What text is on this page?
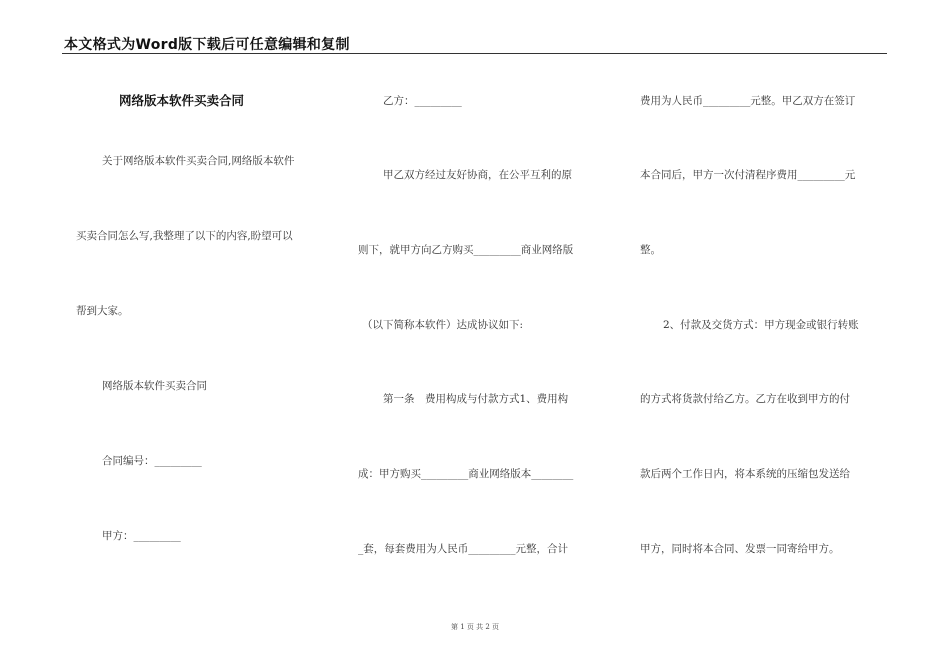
本文格式为Word版下载后可任意编辑和复制
网络版本软件买卖合同
关于网络版本软件买卖合同,网络版本软件
买卖合同怎么写,我整理了以下的内容,盼望可以
帮到大家。
网络版本软件买卖合同
合同编号：_________
甲方：_________
乙方：_________
甲乙双方经过友好协商，在公平互利的原
则下，就甲方向乙方购买_________商业网络版
（以下简称本软件）达成协议如下:
第一条　费用构成与付款方式1、费用构
成：甲方购买_________商业网络版本________
_套，每套费用为人民币_________元整，合计
费用为人民币_________元整。甲乙双方在签订
本合同后，甲方一次付清程序费用_________元
整。
2、付款及交货方式：甲方现金或银行转账
的方式将货款付给乙方。乙方在收到甲方的付
款后两个工作日内，将本系统的压缩包发送给
甲方，同时将本合同、发票一同寄给甲方。
第 1 页 共 2 页
